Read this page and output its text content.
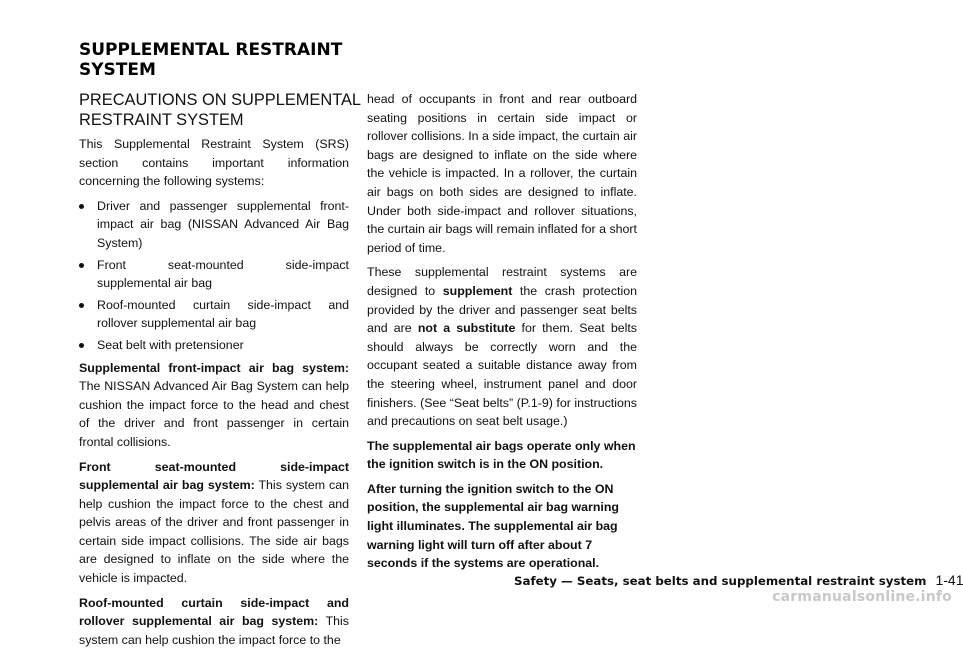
SUPPLEMENTAL RESTRAINT
SYSTEM
PRECAUTIONS ON SUPPLEMENTAL
RESTRAINT SYSTEM

This Supplemental Restraint System (SRS) section contains important information concerning the following systems:

Driver and passenger supplemental front-impact air bag (NISSAN Advanced Air Bag System)
Front seat-mounted side-impact supplemental air bag
Roof-mounted curtain side-impact and rollover supplemental air bag
Seat belt with pretensioner

Supplemental front-impact air bag system: The NISSAN Advanced Air Bag System can help cushion the impact force to the head and chest of the driver and front passenger in certain frontal collisions.

Front seat-mounted side-impact supplemental air bag system: This system can help cushion the impact force to the chest and pelvis areas of the driver and front passenger in certain side impact collisions. The side air bags are designed to inflate on the side where the vehicle is impacted.

Roof-mounted curtain side-impact and rollover supplemental air bag system: This system can help cushion the impact force to the

head of occupants in front and rear outboard seating positions in certain side impact or rollover collisions. In a side impact, the curtain air bags are designed to inflate on the side where the vehicle is impacted. In a rollover, the curtain air bags on both sides are designed to inflate. Under both side-impact and rollover situations, the curtain air bags will remain inflated for a short period of time.

These supplemental restraint systems are designed to supplement the crash protection provided by the driver and passenger seat belts and are not a substitute for them. Seat belts should always be correctly worn and the occupant seated a suitable distance away from the steering wheel, instrument panel and door finishers. (See “Seat belts” (P.1-9) for instructions and precautions on seat belt usage.)

The supplemental air bags operate only when the ignition switch is in the ON position.

After turning the ignition switch to the ON position, the supplemental air bag warning light illuminates. The supplemental air bag warning light will turn off after about 7 seconds if the systems are operational.

Safety — Seats, seat belts and supplemental restraint system 1-41
carmanualsonline.info
